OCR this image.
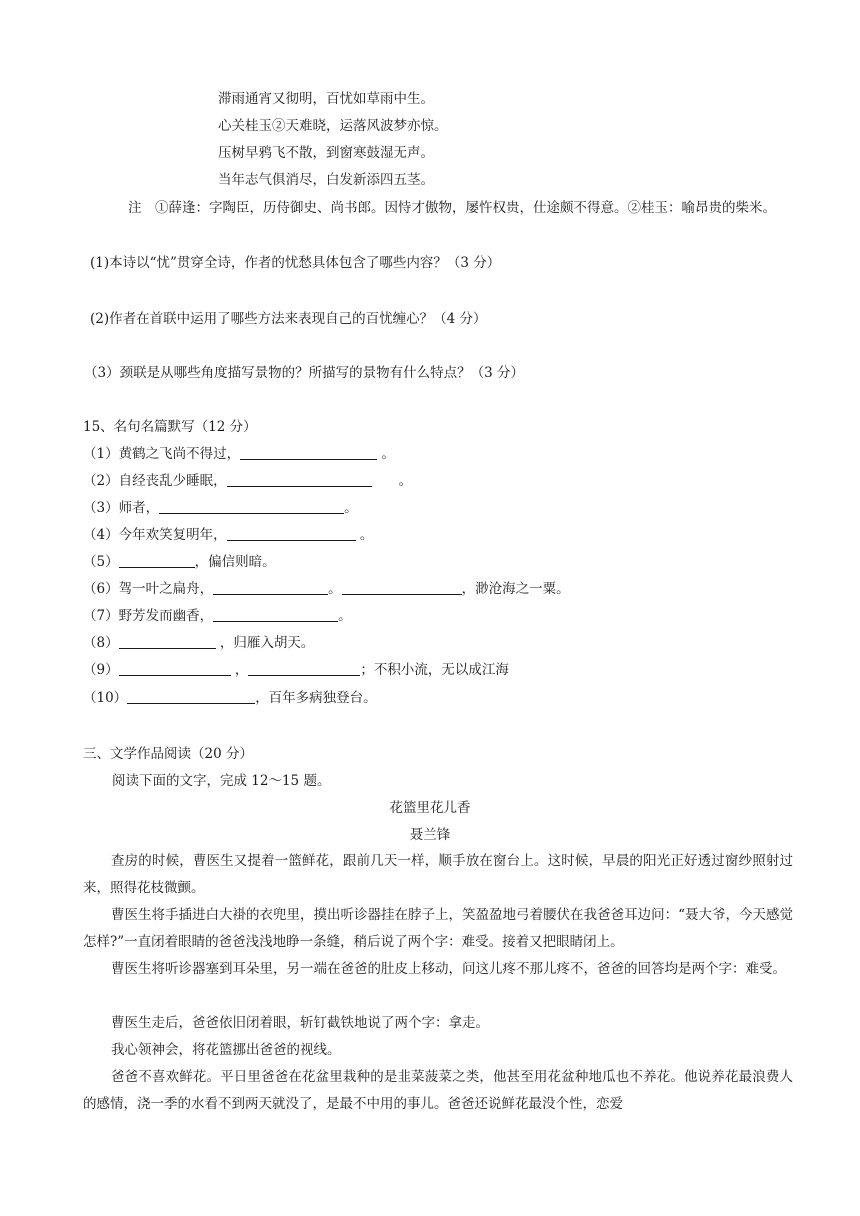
滞雨通宵又彻明，百忧如草雨中生。
心关桂玉②天难晓，运落风波梦亦惊。
压树早鸦飞不散，到窗寒鼓湿无声。
当年志气俱消尽，白发新添四五茎。
注　①薛逢：字陶臣，历侍御史、尚书郎。因恃才傲物，屡忤权贵，仕途颇不得意。②桂玉：喻昂贵的柴米。
(1)本诗以“忧”贯穿全诗，作者的忧愁具体包含了哪些内容？（3 分）
(2)作者在首联中运用了哪些方法来表现自己的百忧缠心？（4 分）
（3）颈联是从哪些角度描写景物的？所描写的景物有什么特点？（3 分）
15、名句名篇默写（12 分）
（1）黄鹤之飞尚不得过，	。
（2）自经丧乱少睡眠，	　　。
（3）师者，	。
（4）今年欢笑复明年，	。
（5）	，偏信则暗。
（6）驾一叶之扁舟，	。	，渺沧海之一粟。
（7）野芳发而幽香，	。
（8）	，归雁入胡天。
（9）	，	；不积小流，无以成江海
（10）	，百年多病独登台。
三、文学作品阅读（20 分）
阅读下面的文字，完成 12～15 题。
花篮里花儿香
聂兰锋
查房的时候，曹医生又提着一篮鲜花，跟前几天一样，顺手放在窗台上。这时候，早晨的阳光正好透过窗纱照射过来，照得花枝微颤。
曹医生将手插进白大褂的衣兜里，摸出听诊器挂在脖子上，笑盈盈地弓着腰伏在我爸爸耳边问：“聂大爷，今天感觉怎样?”一直闭着眼睛的爸爸浅浅地睁一条缝，稍后说了两个字：难受。接着又把眼睛闭上。
曹医生将听诊器塞到耳朵里，另一端在爸爸的肚皮上移动，问这儿疼不那儿疼不，爸爸的回答均是两个字：难受。
曹医生走后，爸爸依旧闭着眼，斩钉截铁地说了两个字：拿走。
我心领神会，将花篮挪出爸爸的视线。
爸爸不喜欢鲜花。平日里爸爸在花盆里栽种的是韭菜菠菜之类，他甚至用花盆种地瓜也不养花。他说养花最浪费人的感情，浇一季的水看不到两天就没了，是最不中用的事儿。爸爸还说鲜花最没个性，恋爱
